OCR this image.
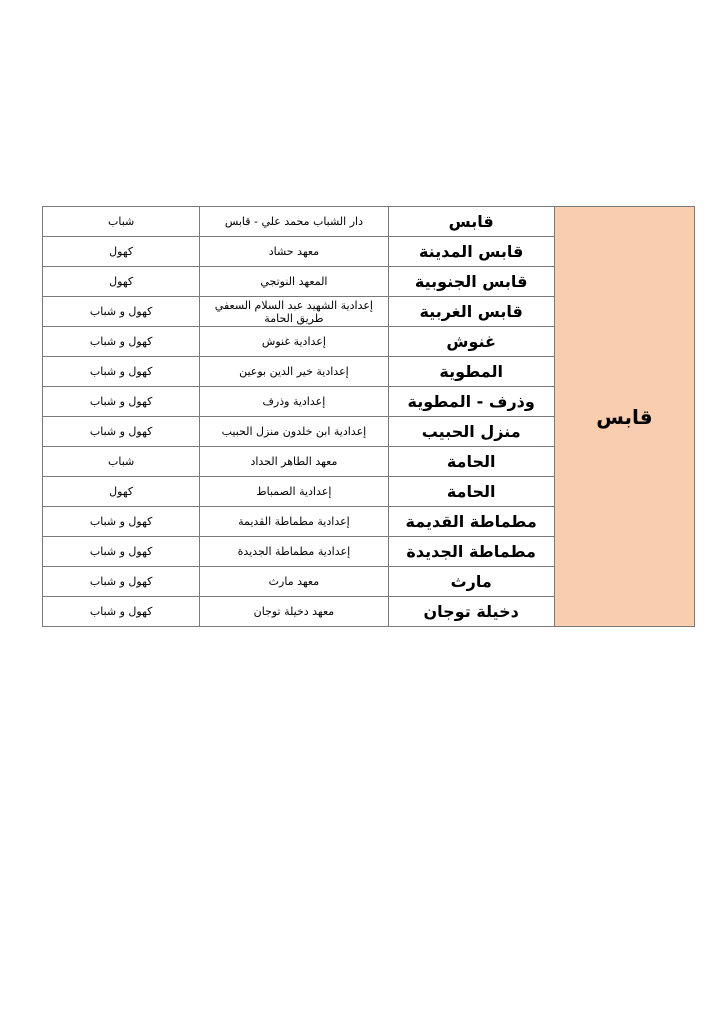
قابس	قابس	دار الشباب محمد علي - قابس	شباب
	قابس المدينة	معهد حشاد	كهول
	قابس الجنوبية	المعهد النوتجي	كهول
	قابس الغربية	إعدادية الشهيد عبد السلام السعفي طريق الحامة	كهول و شباب
	غنوش	إعدادية غنوش	كهول و شباب
	المطوية	إعدادية خير الدين بوعين	كهول و شباب
	وذرف - المطوية	إعدادية وذرف	كهول و شباب
	منزل الحبيب	إعدادية ابن خلدون منزل الحبيب	كهول و شباب
	الحامة	معهد الطاهر الحداد	شباب
	الحامة	إعدادية الصمباط	كهول
	مطماطة القديمة	إعدادية مطماطة القديمة	كهول و شباب
	مطماطة الجديدة	إعدادية مطماطة الجديدة	كهول و شباب
	مارث	معهد مارث	كهول و شباب
	دخيلة توجان	معهد دخيلة توجان	كهول و شباب
